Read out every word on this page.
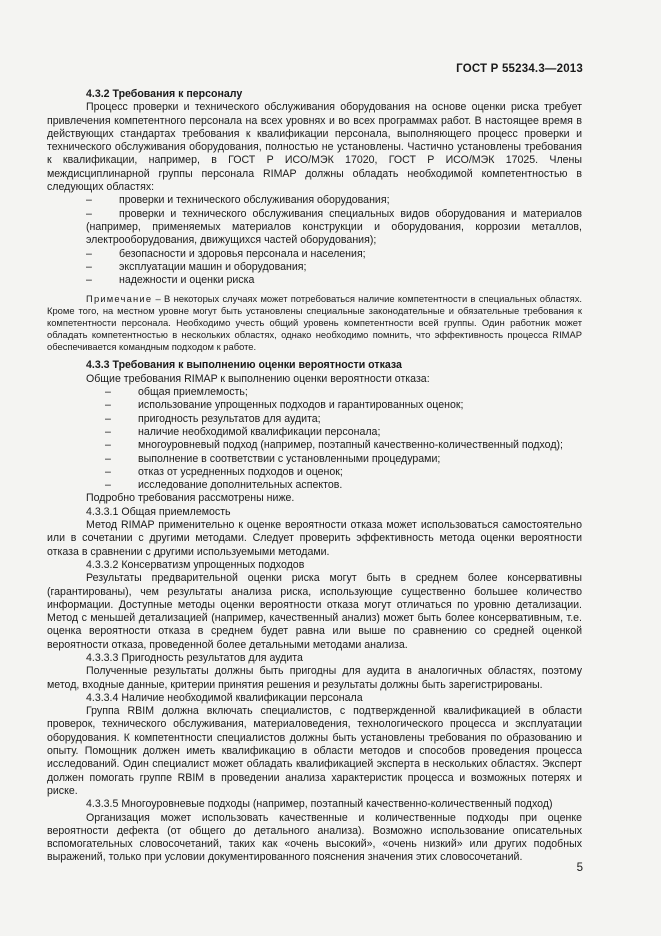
ГОСТ Р 55234.3—2013

4.3.2 Требования к персоналу

Процесс проверки и технического обслуживания оборудования на основе оценки риска требует привлечения компетентного персонала на всех уровнях и во всех программах работ. В настоящее время в действующих стандартах требования к квалификации персонала, выполняющего процесс проверки и технического обслуживания оборудования, полностью не установлены. Частично установлены требования к квалификации, например, в ГОСТ Р ИСО/МЭК 17020, ГОСТ Р ИСО/МЭК 17025. Члены междисциплинарной группы персонала RIMAP должны обладать необходимой компетентностью в следующих областях:

–	проверки и технического обслуживания оборудования;

–	проверки и технического обслуживания специальных видов оборудования и материалов (например, применяемых материалов конструкции и оборудования, коррозии металлов, электрооборудования, движущихся частей оборудования);

–	безопасности и здоровья персонала и населения;

–	эксплуатации машин и оборудования;

–	надежности и оценки риска

Примечание – В некоторых случаях может потребоваться наличие компетентности в специальных областях. Кроме того, на местном уровне могут быть установлены специальные законодательные и обязательные требования к компетентности персонала. Необходимо учесть общий уровень компетентности всей группы. Один работник может обладать компетентностью в нескольких областях, однако необходимо помнить, что эффективность процесса RIMAP обеспечивается командным подходом к работе.

4.3.3 Требования к выполнению оценки вероятности отказа

Общие требования RIMAP к выполнению оценки вероятности отказа:

–	общая приемлемость;

–	использование упрощенных подходов и гарантированных оценок;

–	пригодность результатов для аудита;

–	наличие необходимой квалификации персонала;

–	многоуровневый подход (например, поэтапный качественно-количественный подход);

–	выполнение в соответствии с установленными процедурами;

–	отказ от усредненных подходов и оценок;

–	исследование дополнительных аспектов.

Подробно требования рассмотрены ниже.

4.3.3.1 Общая приемлемость

Метод RIMAP применительно к оценке вероятности отказа может использоваться самостоятельно или в сочетании с другими методами. Следует проверить эффективность метода оценки вероятности отказа в сравнении с другими используемыми методами.

4.3.3.2 Консерватизм упрощенных подходов

Результаты предварительной оценки риска могут быть в среднем более консервативны (гарантированы), чем результаты анализа риска, использующие существенно большее количество информации. Доступные методы оценки вероятности отказа могут отличаться по уровню детализации. Метод с меньшей детализацией (например, качественный анализ) может быть более консервативным, т.е. оценка вероятности отказа в среднем будет равна или выше по сравнению со средней оценкой вероятности отказа, проведенной более детальными методами анализа.

4.3.3.3 Пригодность результатов для аудита

Полученные результаты должны быть пригодны для аудита в аналогичных областях, поэтому метод, входные данные, критерии принятия решения и результаты должны быть зарегистрированы.

4.3.3.4 Наличие необходимой квалификации персонала

Группа RBIM должна включать специалистов, с подтвержденной квалификацией в области проверок, технического обслуживания, материаловедения, технологического процесса и эксплуатации оборудования. К компетентности специалистов должны быть установлены требования по образованию и опыту. Помощник должен иметь квалификацию в области методов и способов проведения процесса исследований. Один специалист может обладать квалификацией эксперта в нескольких областях. Эксперт должен помогать группе RBIM в проведении анализа характеристик процесса и возможных потерях и риске.

4.3.3.5 Многоуровневые подходы (например, поэтапный качественно-количественный подход)

Организация может использовать качественные и количественные подходы при оценке вероятности дефекта (от общего до детального анализа). Возможно использование описательных вспомогательных словосочетаний, таких как «очень высокий», «очень низкий» или других подобных выражений, только при условии документированного пояснения значения этих словосочетаний.

5
